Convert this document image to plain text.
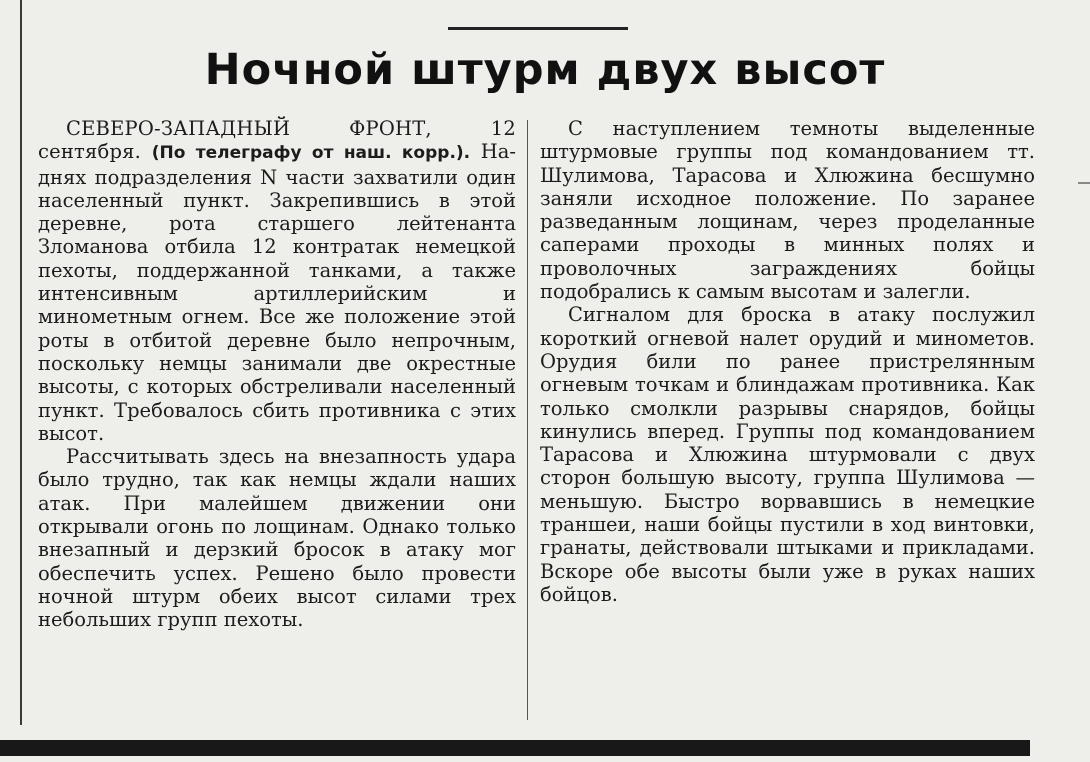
Ночной штурм двух высот

СЕВЕРО-ЗАПАДНЫЙ ФРОНТ, 12 сентября. (По телеграфу от наш. корр.). На-днях подразделения N части захватили один населенный пункт. Закрепившись в этой деревне, рота старшего лейтенанта Зломанова отбила 12 контратак немецкой пехоты, поддержанной танками, а также интенсивным артиллерийским и минометным огнем. Все же положение этой роты в отбитой деревне было непрочным, поскольку немцы занимали две окрестные высоты, с которых обстреливали населенный пункт. Требовалось сбить противника с этих высот.

Рассчитывать здесь на внезапность удара было трудно, так как немцы ждали наших атак. При малейшем движении они открывали огонь по лощинам. Однако только внезапный и дерзкий бросок в атаку мог обеспечить успех. Решено было провести ночной штурм обеих высот силами трех небольших групп пехоты.

С наступлением темноты выделенные штурмовые группы под командованием тт. Шулимова, Тарасова и Хлюжина бесшумно заняли исходное положение. По заранее разведанным лощинам, через проделанные саперами проходы в минных полях и проволочных заграждениях бойцы подобрались к самым высотам и залегли.

Сигналом для броска в атаку послужил короткий огневой налет орудий и минометов. Орудия били по ранее пристрелянным огневым точкам и блиндажам противника. Как только смолкли разрывы снарядов, бойцы кинулись вперед. Группы под командованием Тарасова и Хлюжина штурмовали с двух сторон большую высоту, группа Шулимова — меньшую. Быстро ворвавшись в немецкие траншеи, наши бойцы пустили в ход винтовки, гранаты, действовали штыками и прикладами. Вскоре обе высоты были уже в руках наших бойцов.
